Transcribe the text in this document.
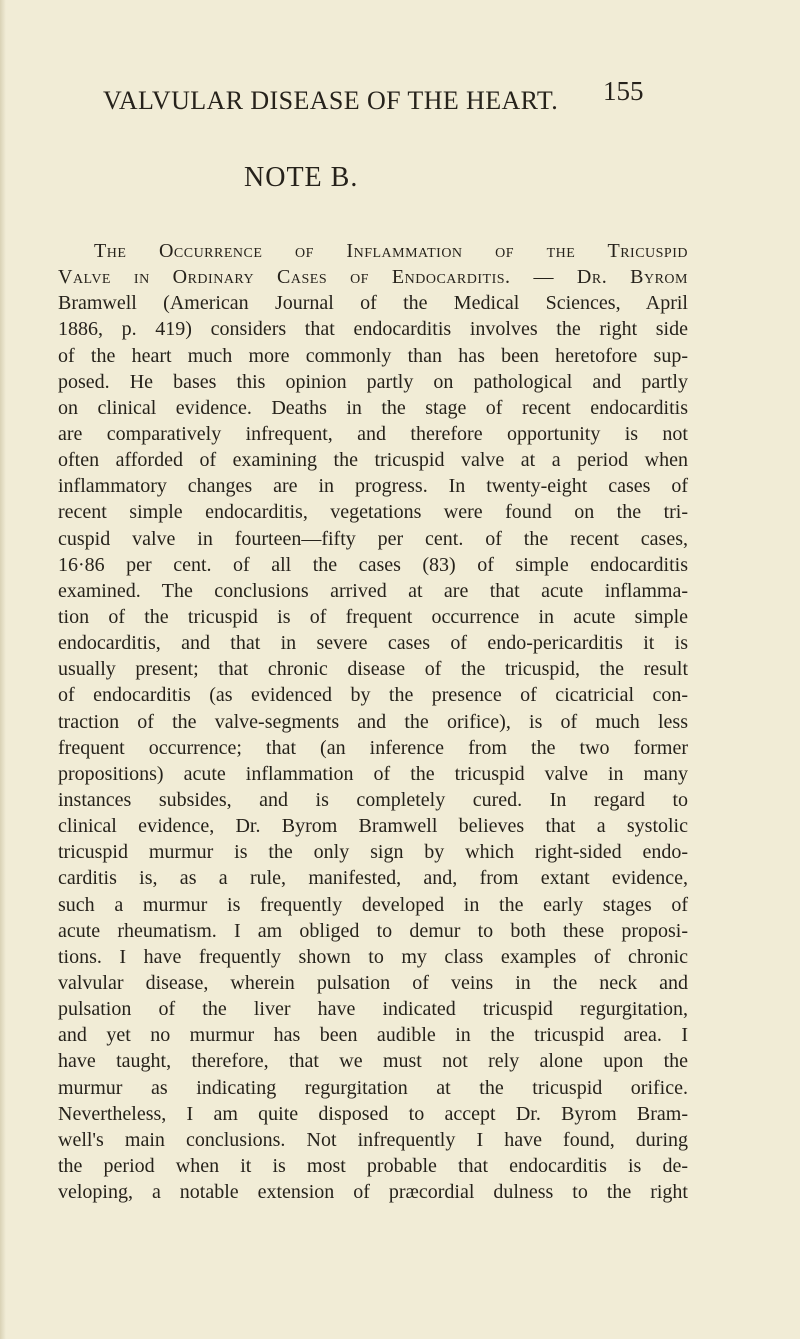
VALVULAR DISEASE OF THE HEART.	155
NOTE B.
The Occurrence of Inflammation of the Tricuspid
Valve in Ordinary Cases of Endocarditis. — Dr. Byrom
Bramwell (American Journal of the Medical Sciences, April
1886, p. 419) considers that endocarditis involves the right side
of the heart much more commonly than has been heretofore sup-
posed. He bases this opinion partly on pathological and partly
on clinical evidence. Deaths in the stage of recent endocarditis
are comparatively infrequent, and therefore opportunity is not
often afforded of examining the tricuspid valve at a period when
inflammatory changes are in progress. In twenty-eight cases of
recent simple endocarditis, vegetations were found on the tri-
cuspid valve in fourteen—fifty per cent. of the recent cases,
16·86 per cent. of all the cases (83) of simple endocarditis
examined. The conclusions arrived at are that acute inflamma-
tion of the tricuspid is of frequent occurrence in acute simple
endocarditis, and that in severe cases of endo-pericarditis it is
usually present; that chronic disease of the tricuspid, the result
of endocarditis (as evidenced by the presence of cicatricial con-
traction of the valve-segments and the orifice), is of much less
frequent occurrence; that (an inference from the two former
propositions) acute inflammation of the tricuspid valve in many
instances subsides, and is completely cured. In regard to
clinical evidence, Dr. Byrom Bramwell believes that a systolic
tricuspid murmur is the only sign by which right-sided endo-
carditis is, as a rule, manifested, and, from extant evidence,
such a murmur is frequently developed in the early stages of
acute rheumatism. I am obliged to demur to both these proposi-
tions. I have frequently shown to my class examples of chronic
valvular disease, wherein pulsation of veins in the neck and
pulsation of the liver have indicated tricuspid regurgitation,
and yet no murmur has been audible in the tricuspid area. I
have taught, therefore, that we must not rely alone upon the
murmur as indicating regurgitation at the tricuspid orifice.
Nevertheless, I am quite disposed to accept Dr. Byrom Bram-
well's main conclusions. Not infrequently I have found, during
the period when it is most probable that endocarditis is de-
veloping, a notable extension of præcordial dulness to the right
